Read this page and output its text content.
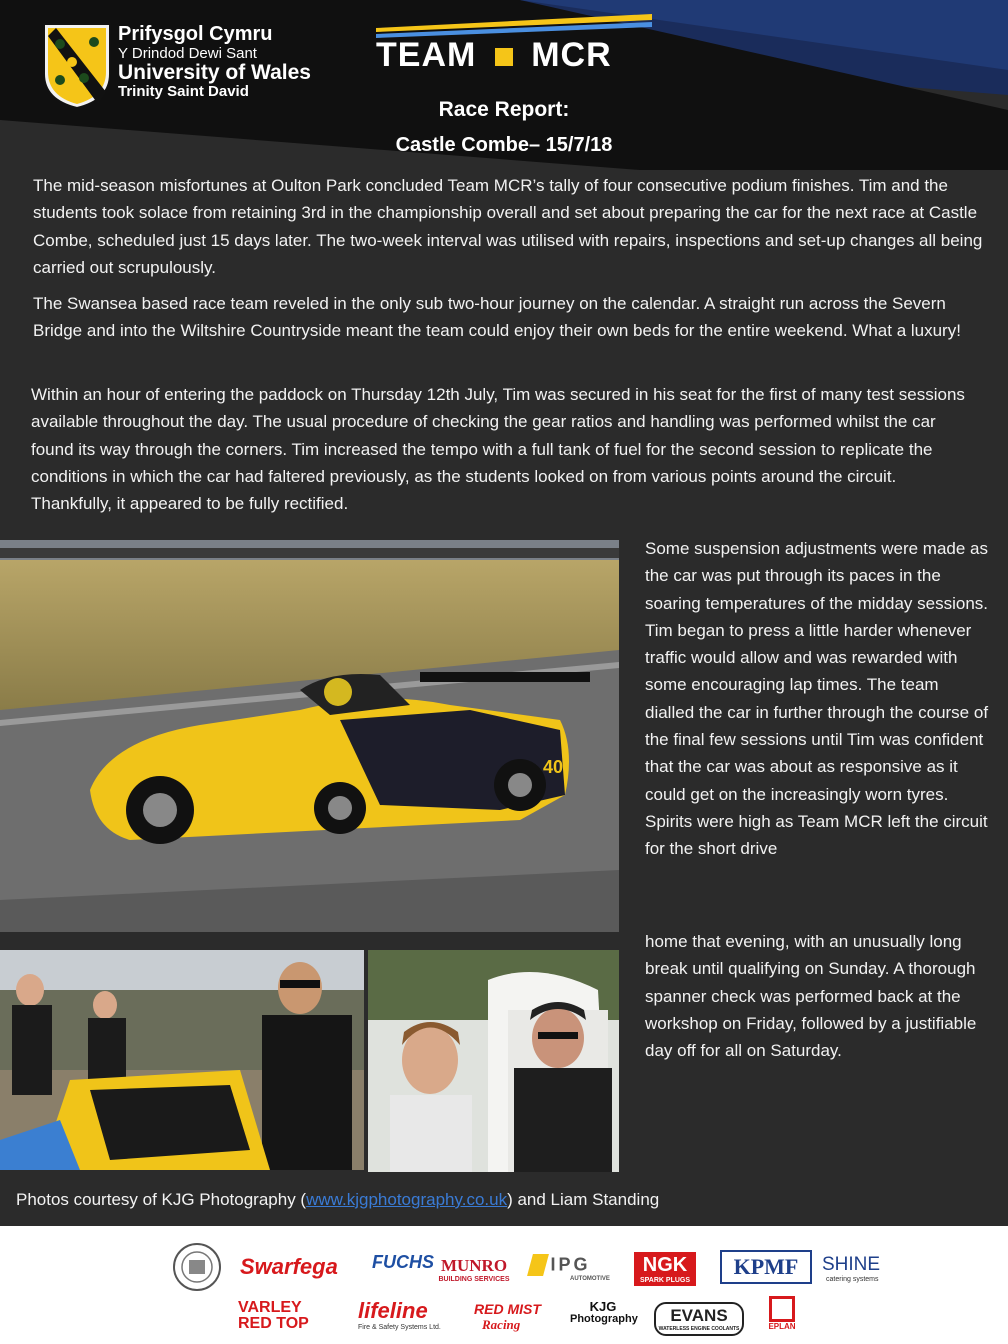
Prifysgol Cymru
Y Drindod Dewi Sant
University of Wales
Trinity Saint David
TEAM MCR
Race Report:
Castle Combe– 15/7/18
The mid-season misfortunes at Oulton Park concluded Team MCR’s tally of four consecutive podium finishes. Tim and the students took solace from retaining 3rd in the championship overall and set about preparing the car for the next race at Castle Combe, scheduled just 15 days later. The two-week interval was utilised with repairs, inspections and set-up changes all being carried out scrupulously.
The Swansea based race team reveled in the only sub two-hour journey on the calendar. A straight run across the Severn Bridge and into the Wiltshire Countryside meant the team could enjoy their own beds for the entire weekend. What a luxury!
Within an hour of entering the paddock on Thursday 12th July, Tim was secured in his seat for the first of many test sessions available throughout the day. The usual procedure of checking the gear ratios and handling was performed whilst the car found its way through the corners. Tim increased the tempo with a full tank of fuel for the second session to replicate the conditions in which the car had faltered previously, as the students looked on from various points around the circuit. Thankfully, it appeared to be fully rectified.
40
Some suspension adjustments were made as the car was put through its paces in the soaring temperatures of the midday sessions. Tim began to press a little harder whenever traffic would allow and was rewarded with some encouraging lap times. The team dialled the car in further through the course of the final few sessions until Tim was confident that the car was about as responsive as it could get on the increasingly worn tyres. Spirits were high as Team MCR left the circuit for the short drive
home that evening, with an unusually long break until qualifying on Sunday. A thorough spanner check was performed back at the workshop on Friday, followed by a justifiable day off for all on Saturday.
Photos courtesy of KJG Photography (www.kjgphotography.co.uk) and Liam Standing
Swarfega FUCHS MUNRO
BUILDING SERVICES
IPG
AUTOMOTIVE
NGK
SPARK PLUGS
KPMF	SHINE
catering systems
VARLEY
RED TOP
lifeline
Fire & Safety Systems Ltd.
RED MIST
Racing
KJG
Photography	EVANS
WATERLESS ENGINE COOLANTS	EPLAN
